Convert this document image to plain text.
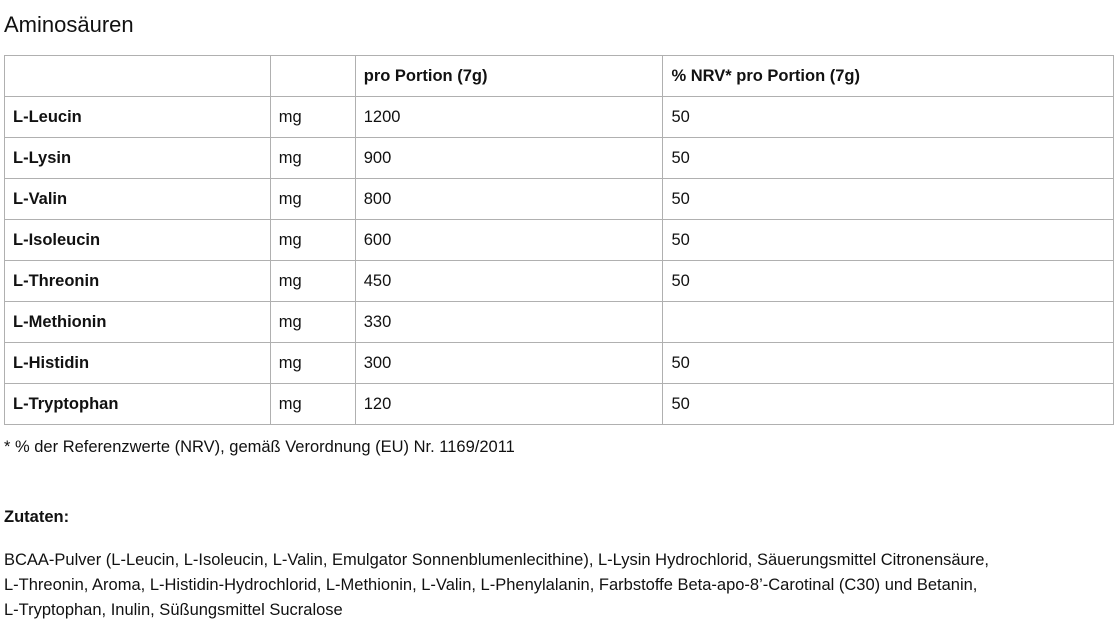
Aminosäuren
		pro Portion (7g)	% NRV* pro Portion (7g)
L-Leucin	mg	1200	50
L-Lysin	mg	900	50
L-Valin	mg	800	50
L-Isoleucin	mg	600	50
L-Threonin	mg	450	50
L-Methionin	mg	330	
L-Histidin	mg	300	50
L-Tryptophan	mg	120	50
* % der Referenzwerte (NRV), gemäß Verordnung (EU) Nr. 1169/2011
Zutaten:
BCAA-Pulver (L-Leucin, L-Isoleucin, L-Valin, Emulgator Sonnenblumenlecithine), L-Lysin Hydrochlorid, Säuerungsmittel Citronensäure,
L-Threonin, Aroma, L-Histidin-Hydrochlorid, L-Methionin, L-Valin, L-Phenylalanin, Farbstoffe Beta-apo-8’-Carotinal (C30) und Betanin,
L-Tryptophan, Inulin, Süßungsmittel Sucralose
